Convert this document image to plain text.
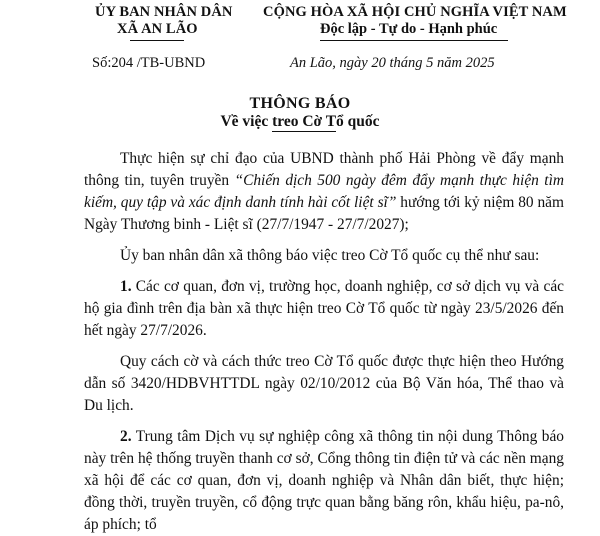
ỦY BAN NHÂN DÂN
XÃ AN LÃO
Số:204 /TB-UBND
CỘNG HÒA XÃ HỘI CHỦ NGHĨA VIỆT NAM
Độc lập - Tự do - Hạnh phúc
An Lão, ngày 20 tháng 5 năm 2025
THÔNG BÁO
Về việc treo Cờ Tổ quốc

Thực hiện sự chỉ đạo của UBND thành phố Hải Phòng về đẩy mạnh thông tin, tuyên truyền “Chiến dịch 500 ngày đêm đẩy mạnh thực hiện tìm kiếm, quy tập và xác định danh tính hài cốt liệt sĩ” hướng tới kỷ niệm 80 năm Ngày Thương binh - Liệt sĩ (27/7/1947 - 27/7/2027);

Ủy ban nhân dân xã thông báo việc treo Cờ Tổ quốc cụ thể như sau:

1. Các cơ quan, đơn vị, trường học, doanh nghiệp, cơ sở dịch vụ và các hộ gia đình trên địa bàn xã thực hiện treo Cờ Tổ quốc từ ngày 23/5/2026 đến hết ngày 27/7/2026.

Quy cách cờ và cách thức treo Cờ Tổ quốc được thực hiện theo Hướng dẫn số 3420/HDBVHTTDL ngày 02/10/2012 của Bộ Văn hóa, Thể thao và Du lịch.

2. Trung tâm Dịch vụ sự nghiệp công xã thông tin nội dung Thông báo này trên hệ thống truyền thanh cơ sở, Cổng thông tin điện tử và các nền mạng xã hội để các cơ quan, đơn vị, doanh nghiệp và Nhân dân biết, thực hiện; đồng thời, truyền truyền, cổ động trực quan bằng băng rôn, khẩu hiệu, pa-nô, áp phích; tổ
